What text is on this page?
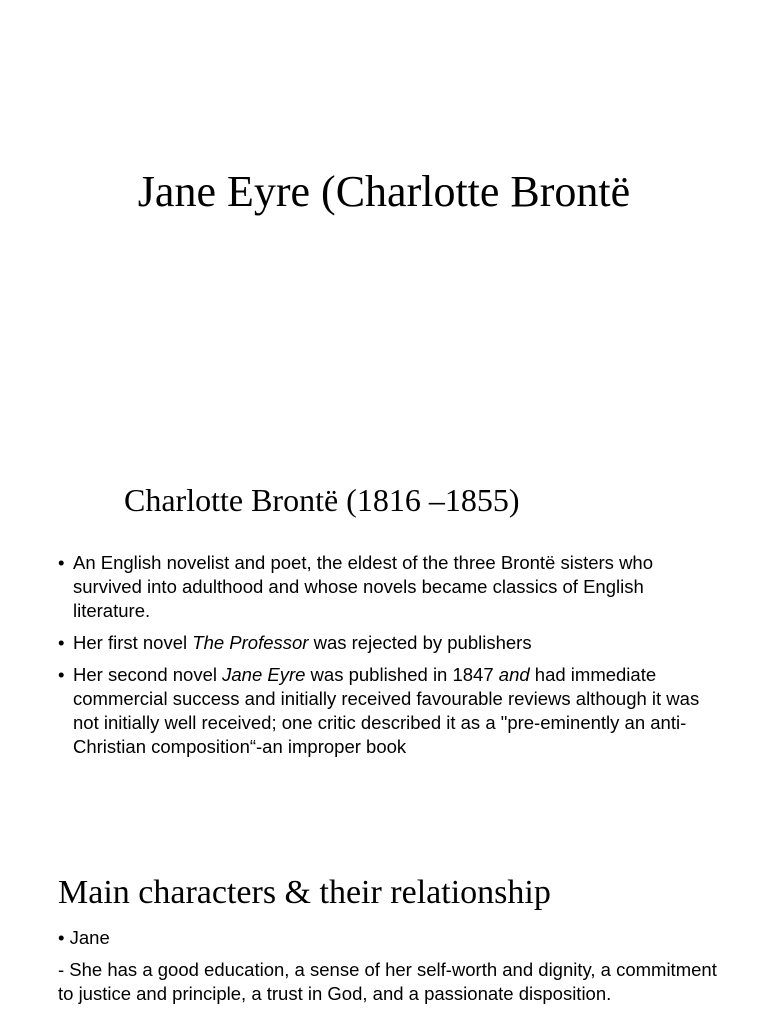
Jane Eyre (Charlotte Brontë
Charlotte Brontë (1816 –1855)
• An English novelist and poet, the eldest of the three Brontë sisters who survived into adulthood and whose novels became classics of English literature.
• Her first novel The Professor was rejected by publishers
• Her second novel Jane Eyre was published in 1847 and had immediate commercial success and initially received favourable reviews although it was not initially well received; one critic described it as a "pre-eminently an anti-Christian composition“-an improper book
Main characters & their relationship
• Jane
- She has a good education, a sense of her self-worth and dignity, a commitment to justice and principle, a trust in God, and a passionate disposition.
